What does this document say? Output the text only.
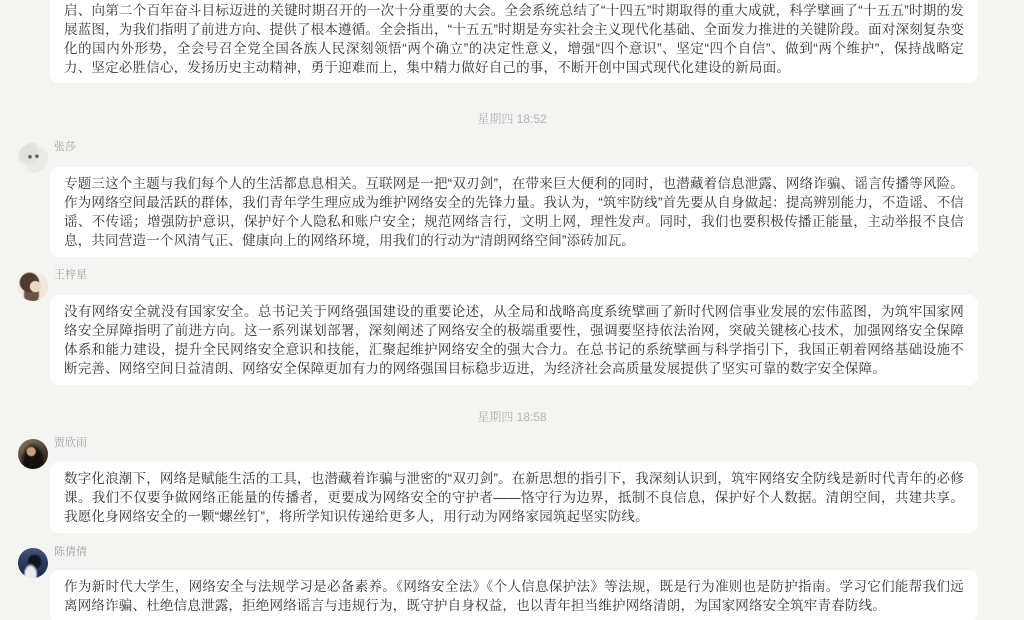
启、向第二个百年奋斗目标迈进的关键时期召开的一次十分重要的大会。全会系统总结了“十四五”时期取得的重大成就，科学擘画了“十五五”时期的发展蓝图，为我们指明了前进方向、提供了根本遵循。全会指出，“十五五”时期是夯实社会主义现代化基础、全面发力推进的关键阶段。面对深刻复杂变化的国内外形势，全会号召全党全国各族人民深刻领悟“两个确立”的决定性意义，增强“四个意识”、坚定“四个自信”、做到“两个维护”，保持战略定力、坚定必胜信心，发扬历史主动精神，勇于迎难而上，集中精力做好自己的事，不断开创中国式现代化建设的新局面。
星期四 18:52
张莎
专题三这个主题与我们每个人的生活都息息相关。互联网是一把“双刃剑”，在带来巨大便利的同时，也潜藏着信息泄露、网络诈骗、谣言传播等风险。作为网络空间最活跃的群体，我们青年学生理应成为维护网络安全的先锋力量。我认为，“筑牢防线”首先要从自身做起：提高辨别能力，不造谣、不信谣、不传谣；增强防护意识，保护好个人隐私和账户安全；规范网络言行，文明上网，理性发声。同时，我们也要积极传播正能量，主动举报不良信息，共同营造一个风清气正、健康向上的网络环境，用我们的行动为“清朗网络空间”添砖加瓦。
王梓星
没有网络安全就没有国家安全。总书记关于网络强国建设的重要论述，从全局和战略高度系统擘画了新时代网信事业发展的宏伟蓝图，为筑牢国家网络安全屏障指明了前进方向。这一系列谋划部署，深刻阐述了网络安全的极端重要性，强调要坚持依法治网，突破关键核心技术，加强网络安全保障体系和能力建设，提升全民网络安全意识和技能，汇聚起维护网络安全的强大合力。在总书记的系统擘画与科学指引下，我国正朝着网络基础设施不断完善、网络空间日益清朗、网络安全保障更加有力的网络强国目标稳步迈进，为经济社会高质量发展提供了坚实可靠的数字安全保障。
星期四 18:58
贾欣雨
数字化浪潮下，网络是赋能生活的工具，也潜藏着诈骗与泄密的“双刃剑”。在新思想的指引下，我深刻认识到，筑牢网络安全防线是新时代青年的必修课。我们不仅要争做网络正能量的传播者，更要成为网络安全的守护者——恪守行为边界，抵制不良信息，保护好个人数据。清朗空间，共建共享。我愿化身网络安全的一颗“螺丝钉”，将所学知识传递给更多人，用行动为网络家园筑起坚实防线。
陈倩倩
作为新时代大学生，网络安全与法规学习是必备素养。《网络安全法》《个人信息保护法》等法规，既是行为准则也是防护指南。学习它们能帮我们远离网络诈骗、杜绝信息泄露，拒绝网络谣言与违规行为，既守护自身权益，也以青年担当维护网络清朗，为国家网络安全筑牢青春防线。
